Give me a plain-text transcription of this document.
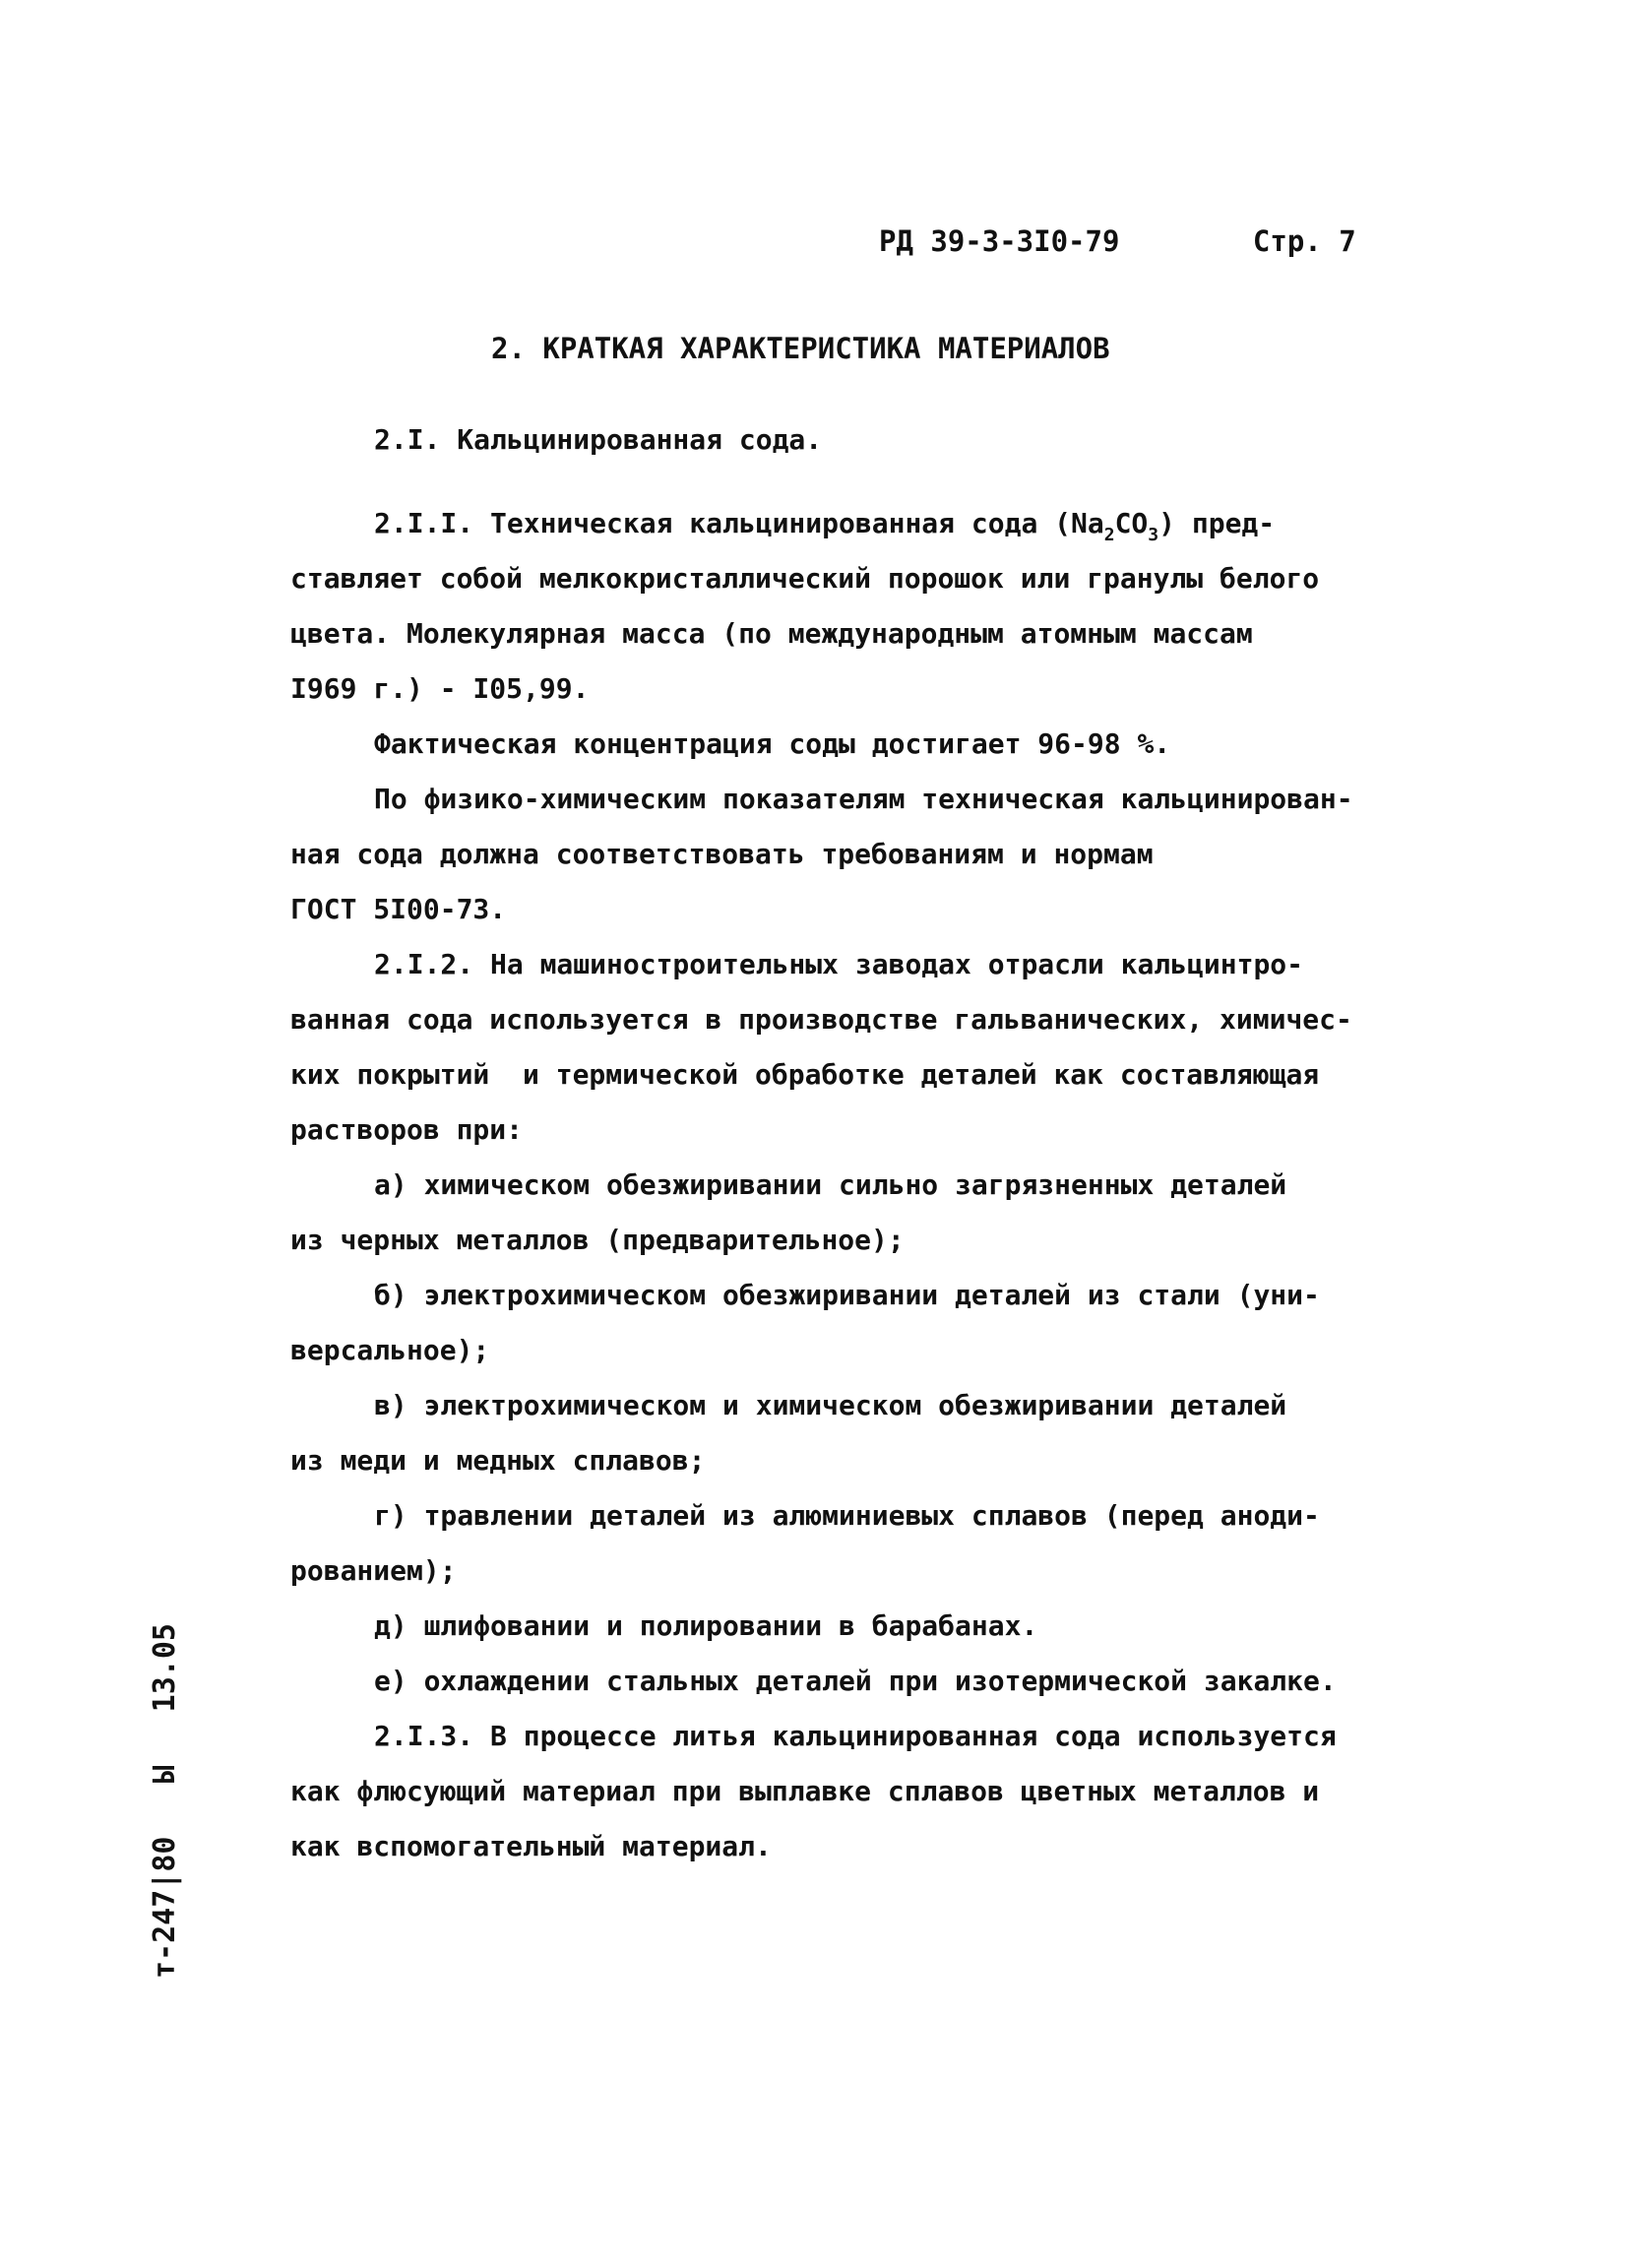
РД 39-3-3I0-79	Стр. 7
2. КРАТКАЯ ХАРАКТЕРИСТИКА МАТЕРИАЛОВ
2.I. Кальцинированная сода.
2.I.I. Техническая кальцинированная сода $(Na_2CO_3)$ пред-
ставляет собой мелкокристаллический порошок или гранулы белого
цвета. Молекулярная масса (по международным атомным массам
I969 г.) - I05,99.
Фактическая концентрация соды достигает 96-98 %.
По физико-химическим показателям техническая кальцинирован-
ная сода должна соответствовать требованиям и нормам
ГОСТ 5I00-73.
2.I.2. На машиностроительных заводах отрасли кальцинтро-
ванная сода используется в производстве гальванических, химичес-
ких покрытий  и термической обработке деталей как составляющая
растворов при:
а) химическом обезжиривании сильно загрязненных деталей
из черных металлов (предварительное);
б) электрохимическом обезжиривании деталей из стали (уни-
версальное);
в) электрохимическом и химическом обезжиривании деталей
из меди и медных сплавов;
г) травлении деталей из алюминиевых сплавов (перед аноди-
рованием);
д) шлифовании и полировании в барабанах.
е) охлаждении стальных деталей при изотермической закалке.
2.I.3. В процессе литья кальцинированная сода используется
как флюсующий материал при выплавке сплавов цветных металлов и
как вспомогательный материал.
т-247|80 Ы 13.05
